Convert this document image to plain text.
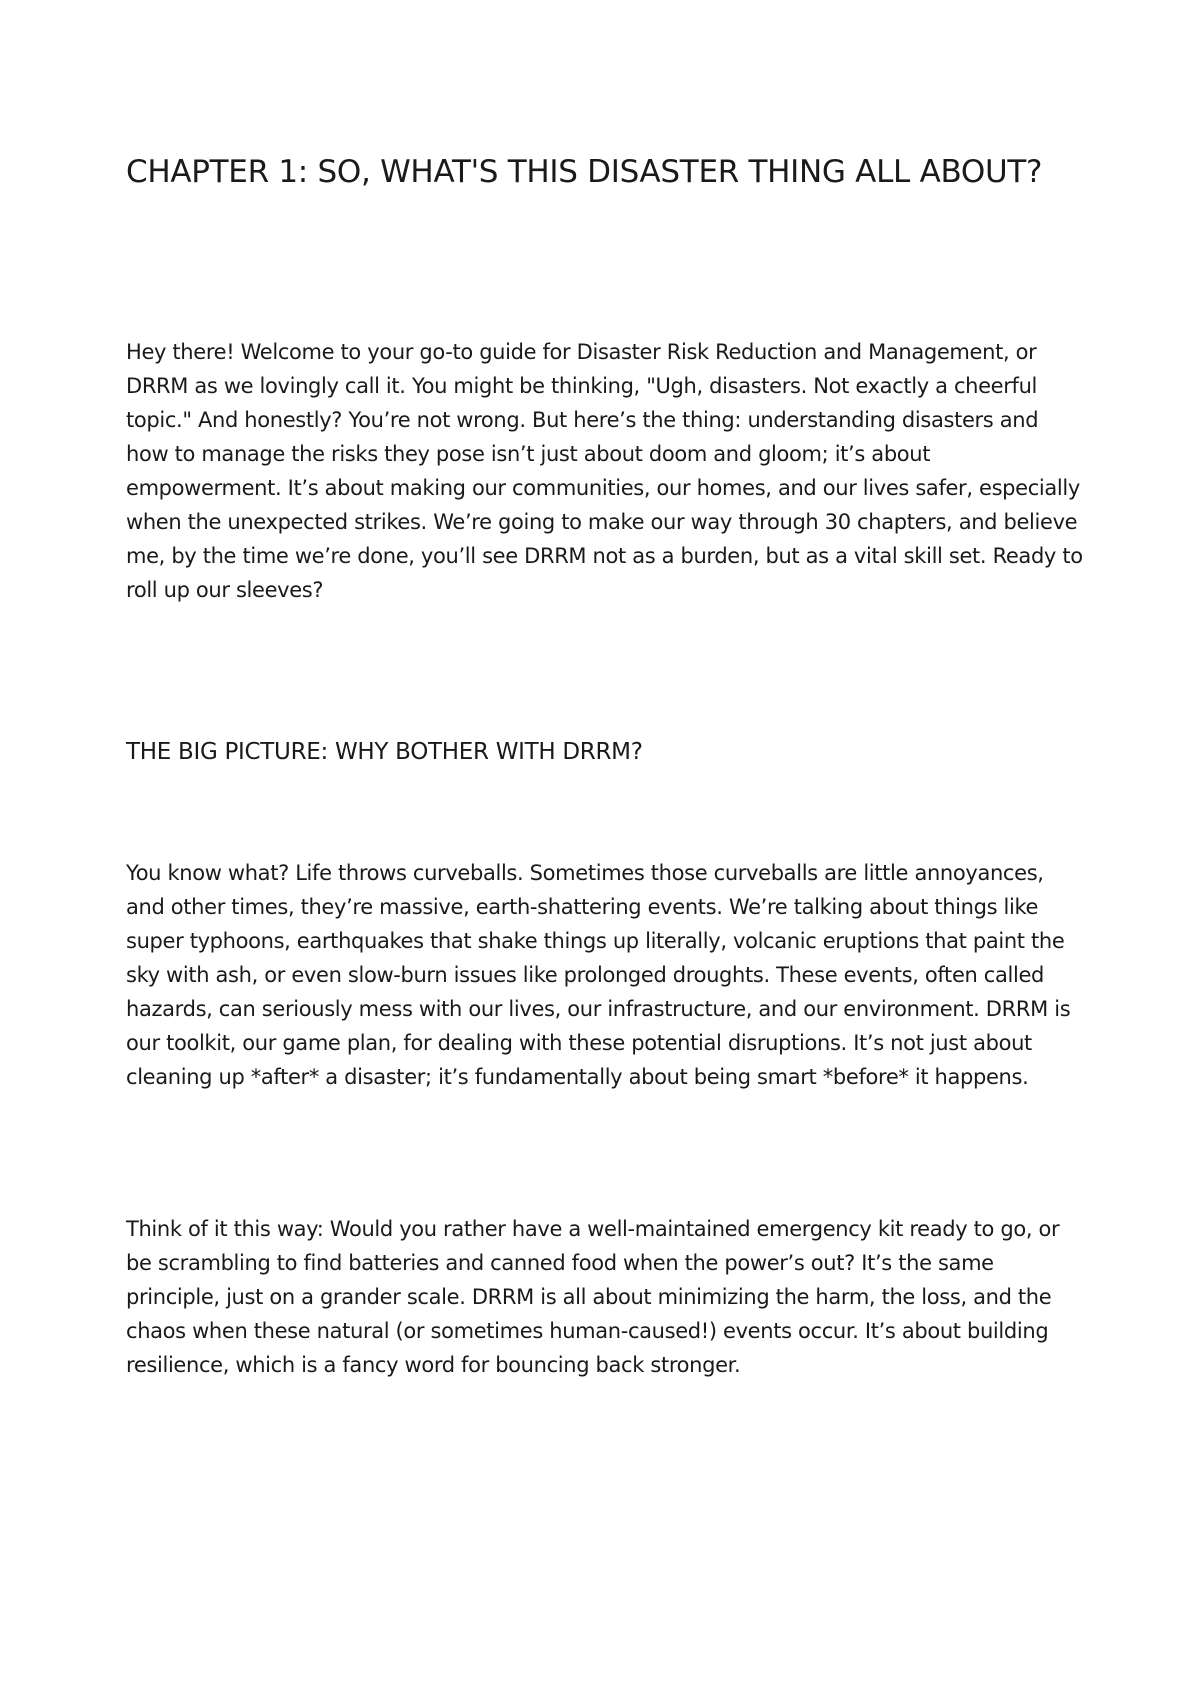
CHAPTER 1: SO, WHAT'S THIS DISASTER THING ALL ABOUT?

Hey there! Welcome to your go-to guide for Disaster Risk Reduction and Management, or DRRM as we lovingly call it. You might be thinking, "Ugh, disasters. Not exactly a cheerful topic." And honestly? You’re not wrong. But here’s the thing: understanding disasters and how to manage the risks they pose isn’t just about doom and gloom; it’s about empowerment. It’s about making our communities, our homes, and our lives safer, especially when the unexpected strikes. We’re going to make our way through 30 chapters, and believe me, by the time we’re done, you’ll see DRRM not as a burden, but as a vital skill set. Ready to roll up our sleeves?

THE BIG PICTURE: WHY BOTHER WITH DRRM?

You know what? Life throws curveballs. Sometimes those curveballs are little annoyances, and other times, they’re massive, earth-shattering events. We’re talking about things like super typhoons, earthquakes that shake things up literally, volcanic eruptions that paint the sky with ash, or even slow-burn issues like prolonged droughts. These events, often called hazards, can seriously mess with our lives, our infrastructure, and our environment. DRRM is our toolkit, our game plan, for dealing with these potential disruptions. It’s not just about cleaning up *after* a disaster; it’s fundamentally about being smart *before* it happens.

Think of it this way: Would you rather have a well-maintained emergency kit ready to go, or be scrambling to find batteries and canned food when the power’s out? It’s the same principle, just on a grander scale. DRRM is all about minimizing the harm, the loss, and the chaos when these natural (or sometimes human-caused!) events occur. It’s about building resilience, which is a fancy word for bouncing back stronger.
